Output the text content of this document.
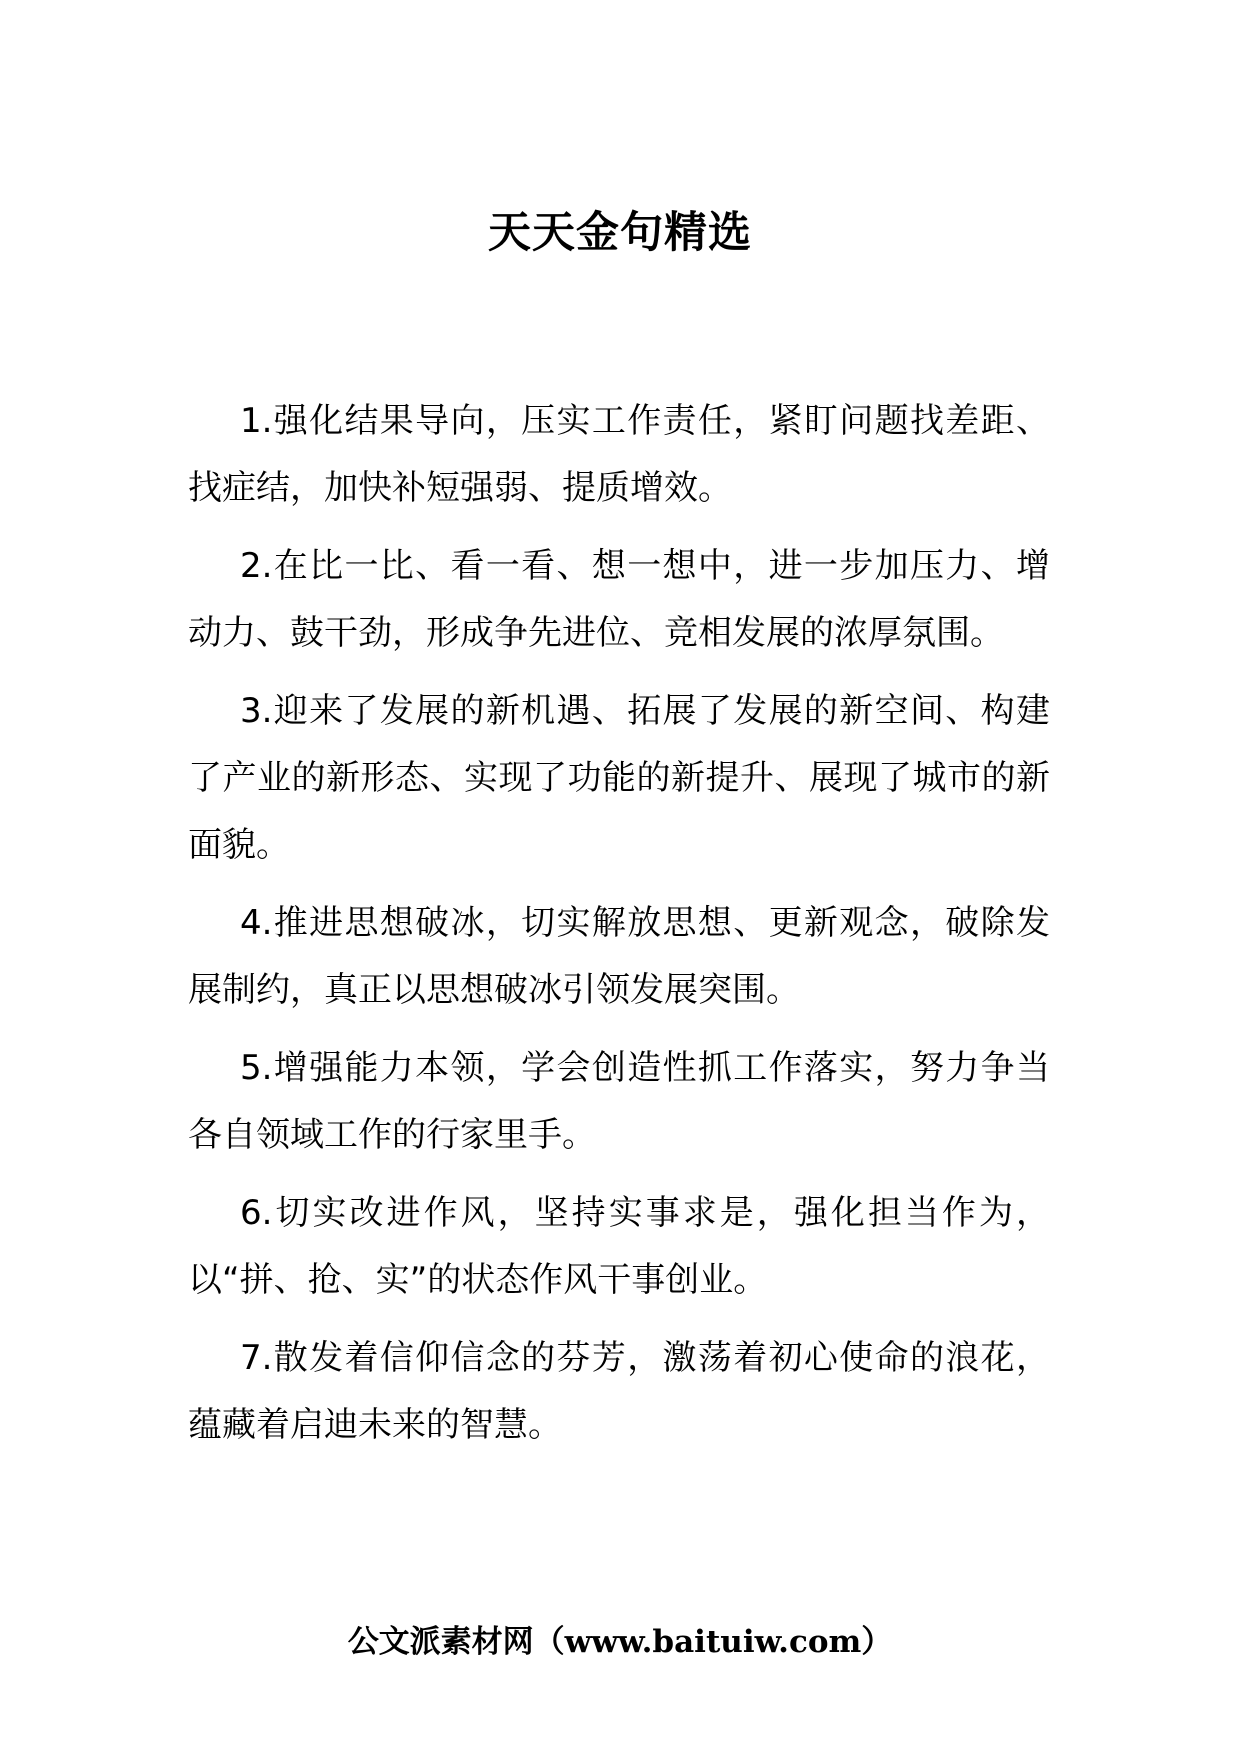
天天金句精选

1.强化结果导向，压实工作责任，紧盯问题找差距、找症结，加快补短强弱、提质增效。

2.在比一比、看一看、想一想中，进一步加压力、增动力、鼓干劲，形成争先进位、竞相发展的浓厚氛围。

3.迎来了发展的新机遇、拓展了发展的新空间、构建了产业的新形态、实现了功能的新提升、展现了城市的新面貌。

4.推进思想破冰，切实解放思想、更新观念，破除发展制约，真正以思想破冰引领发展突围。

5.增强能力本领，学会创造性抓工作落实，努力争当各自领域工作的行家里手。

6.切实改进作风，坚持实事求是，强化担当作为，以“拼、抢、实”的状态作风干事创业。

7.散发着信仰信念的芬芳，激荡着初心使命的浪花，蕴藏着启迪未来的智慧。

公文派素材网（www.baituiw.com）
